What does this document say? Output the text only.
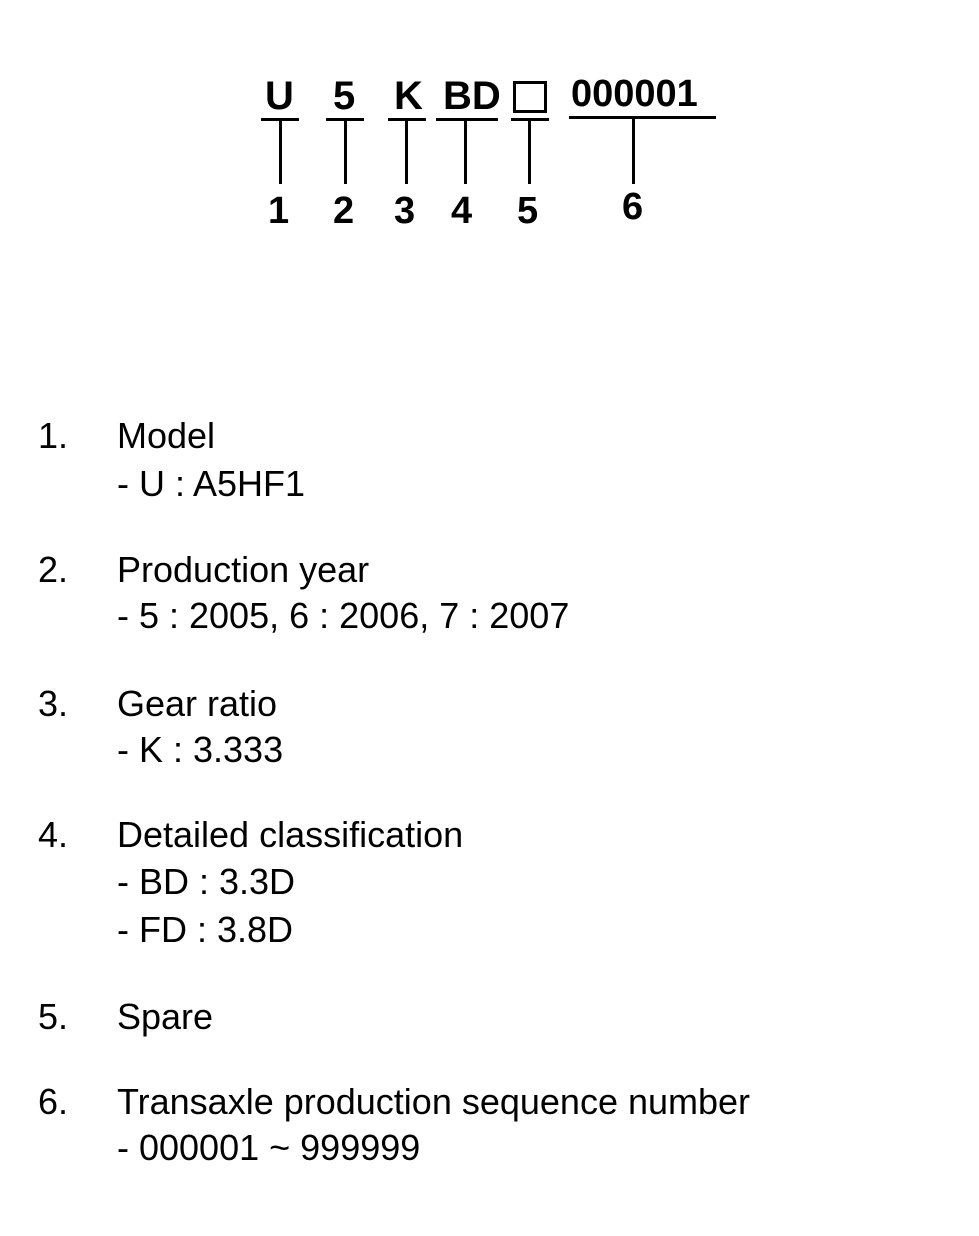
U
1
5
2
K
3
BD
4 5
000001
6
1. Model
- U : A5HF1
2. Production year
- 5 : 2005, 6 : 2006, 7 : 2007
3. Gear ratio
- K : 3.333
4. Detailed classification
- BD : 3.3D
- FD : 3.8D
5. Spare
6. Transaxle production sequence number
- 000001 ~ 999999
